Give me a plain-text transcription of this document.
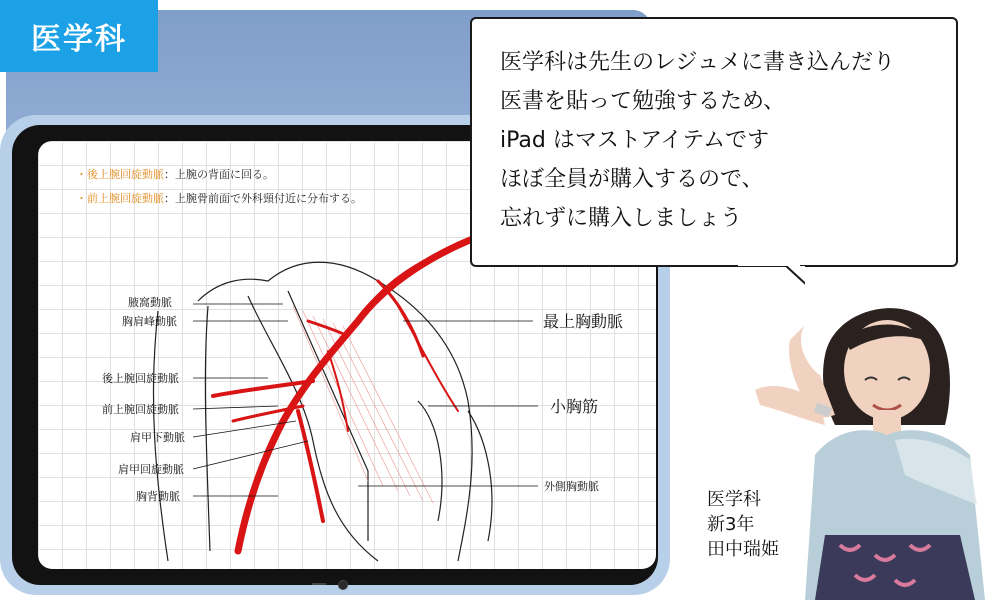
医学科
・後上腕回旋動脈：上腕の背面に回る。
・前上腕回旋動脈：上腕骨前面で外科頸付近に分布する。
腋窩動脈
胸肩峰動脈
後上腕回旋動脈
前上腕回旋動脈
肩甲下動脈
肩甲回旋動脈
胸背動脈
最上胸動脈
小胸筋
外側胸動脈

医学科は先生のレジュメに書き込んだり

医書を貼って勉強するため、

iPad はマストアイテムです

ほぼ全員が購入するので、

忘れずに購入しましょう

医学科
新3年
田中瑞姫
